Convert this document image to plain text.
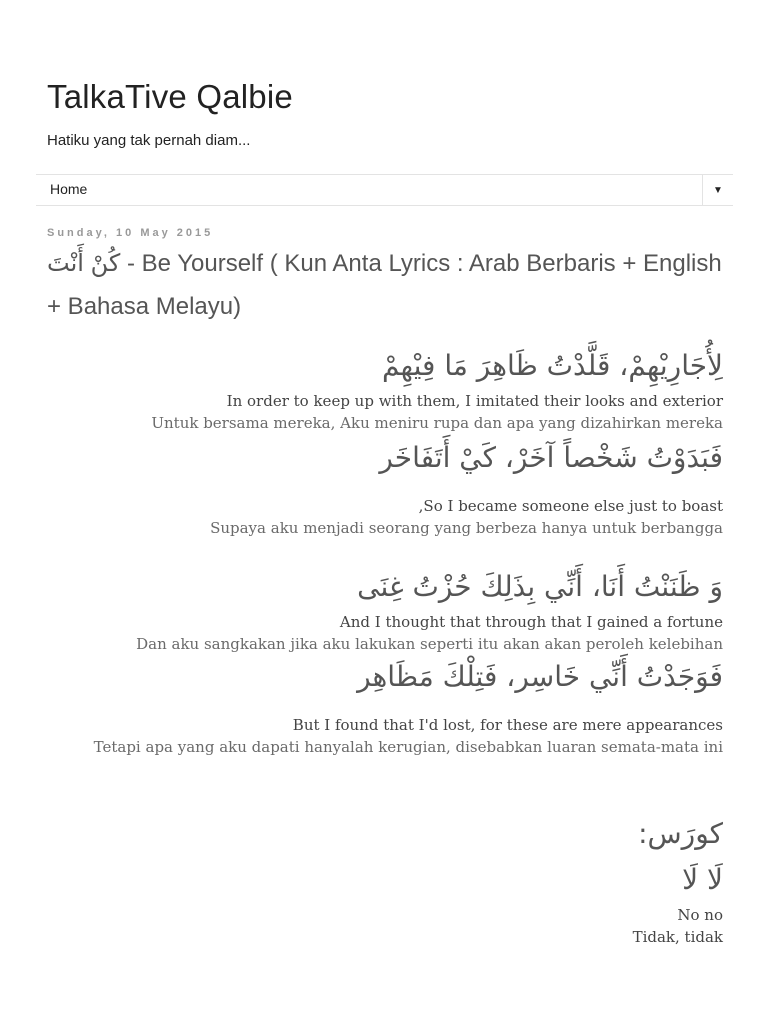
TalkaTive Qalbie
Hatiku yang tak pernah diam...
Home	▼
Sunday, 10 May 2015
كُنْ أَنْتَ - Be Yourself ( Kun Anta Lyrics : Arab Berbaris + English + Bahasa Melayu)
لِأُجَارِيْهِمْ، قَلَّدْتُ ظَاهِرَ مَا فِيْهِمْ
In order to keep up with them, I imitated their looks and exterior
Untuk bersama mereka, Aku meniru rupa dan apa yang dizahirkan mereka
فَبَدَوْتُ شَخْصاً آخَرْ، كَيْ أَتَفَاخَر
,So I became someone else just to boast
Supaya aku menjadi seorang yang berbeza hanya untuk berbangga
وَ ظَنَنْتُ أَنَا، أَنِّي بِذَلِكَ حُزْتُ غِنَى
And I thought that through that I gained a fortune
Dan aku sangkakan jika aku lakukan seperti itu akan akan peroleh kelebihan
فَوَجَدْتُ أَنِّي خَاسِر، فَتِلْكَ مَظَاهِر
But I found that I'd lost, for these are mere appearances
Tetapi apa yang aku dapati hanyalah kerugian, disebabkan luaran semata-mata ini
كورَس:
لَا لَا
No no
Tidak, tidak
